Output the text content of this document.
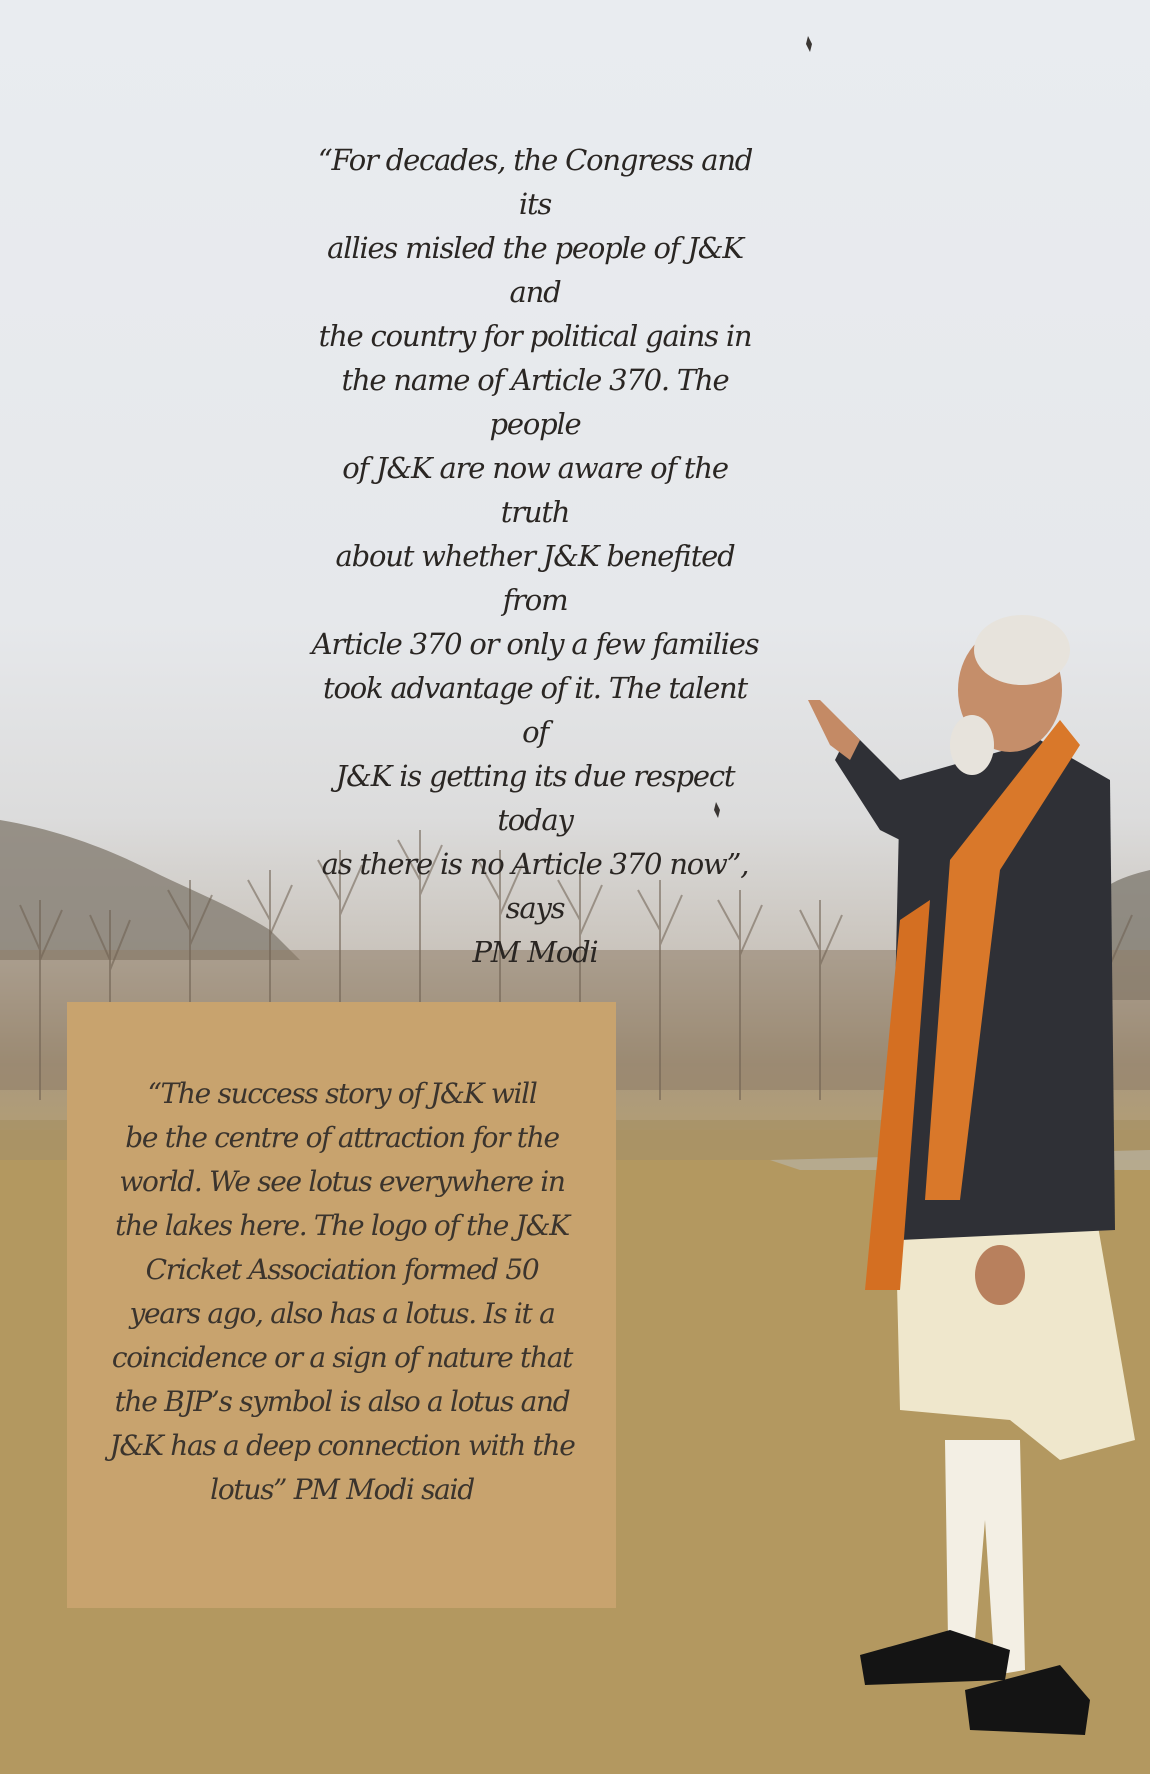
“For decades, the Congress and its
allies misled the people of J&K and
the country for political gains in
the name of Article 370. The people
of J&K are now aware of the truth
about whether J&K benefited from
Article 370 or only a few families
took advantage of it. The talent of
J&K is getting its due respect today
as there is no Article 370 now”, says
PM Modi

“The success story of J&K will
be the centre of attraction for the
world. We see lotus everywhere in
the lakes here. The logo of the J&K
Cricket Association formed 50
years ago, also has a lotus. Is it a
coincidence or a sign of nature that
the BJP’s symbol is also a lotus and
J&K has a deep connection with the
lotus” PM Modi said
